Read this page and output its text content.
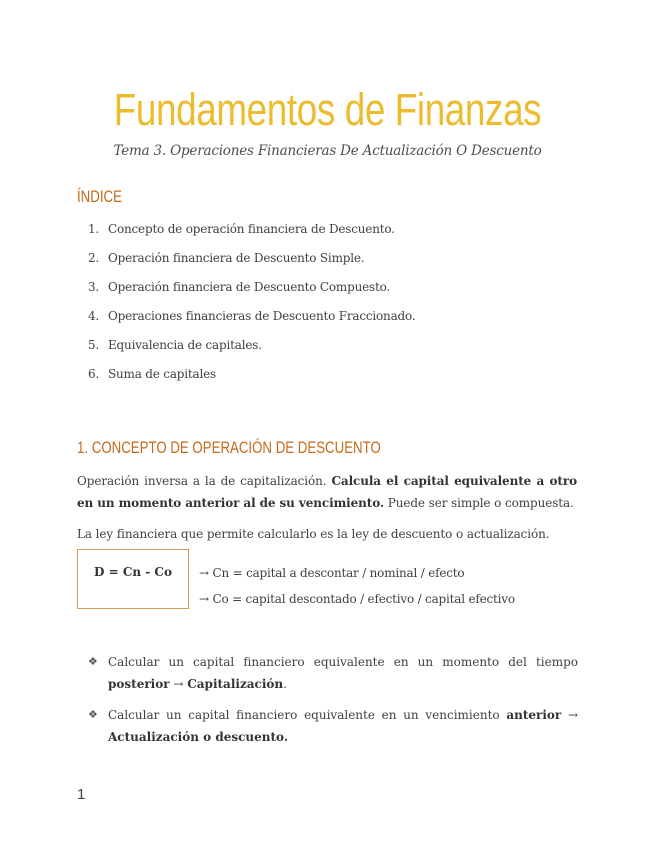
Fundamentos de Finanzas
Tema 3. Operaciones Financieras De Actualización O Descuento
ÍNDICE
1. Concepto de operación financiera de Descuento.
2. Operación financiera de Descuento Simple.
3. Operación financiera de Descuento Compuesto.
4. Operaciones financieras de Descuento Fraccionado.
5. Equivalencia de capitales.
6. Suma de capitales
1. CONCEPTO DE OPERACIÓN DE DESCUENTO
Operación inversa a la de capitalización. Calcula el capital equivalente a otro en un momento anterior al de su vencimiento. Puede ser simple o compuesta.
La ley financiera que permite calcularlo es la ley de descuento o actualización.
D = Cn - Co → Cn = capital a descontar / nominal / efecto
→ Co = capital descontado / efectivo / capital efectivo
❖ Calcular un capital financiero equivalente en un momento del tiempo posterior → Capitalización.
❖ Calcular un capital financiero equivalente en un vencimiento anterior → Actualización o descuento.
1
